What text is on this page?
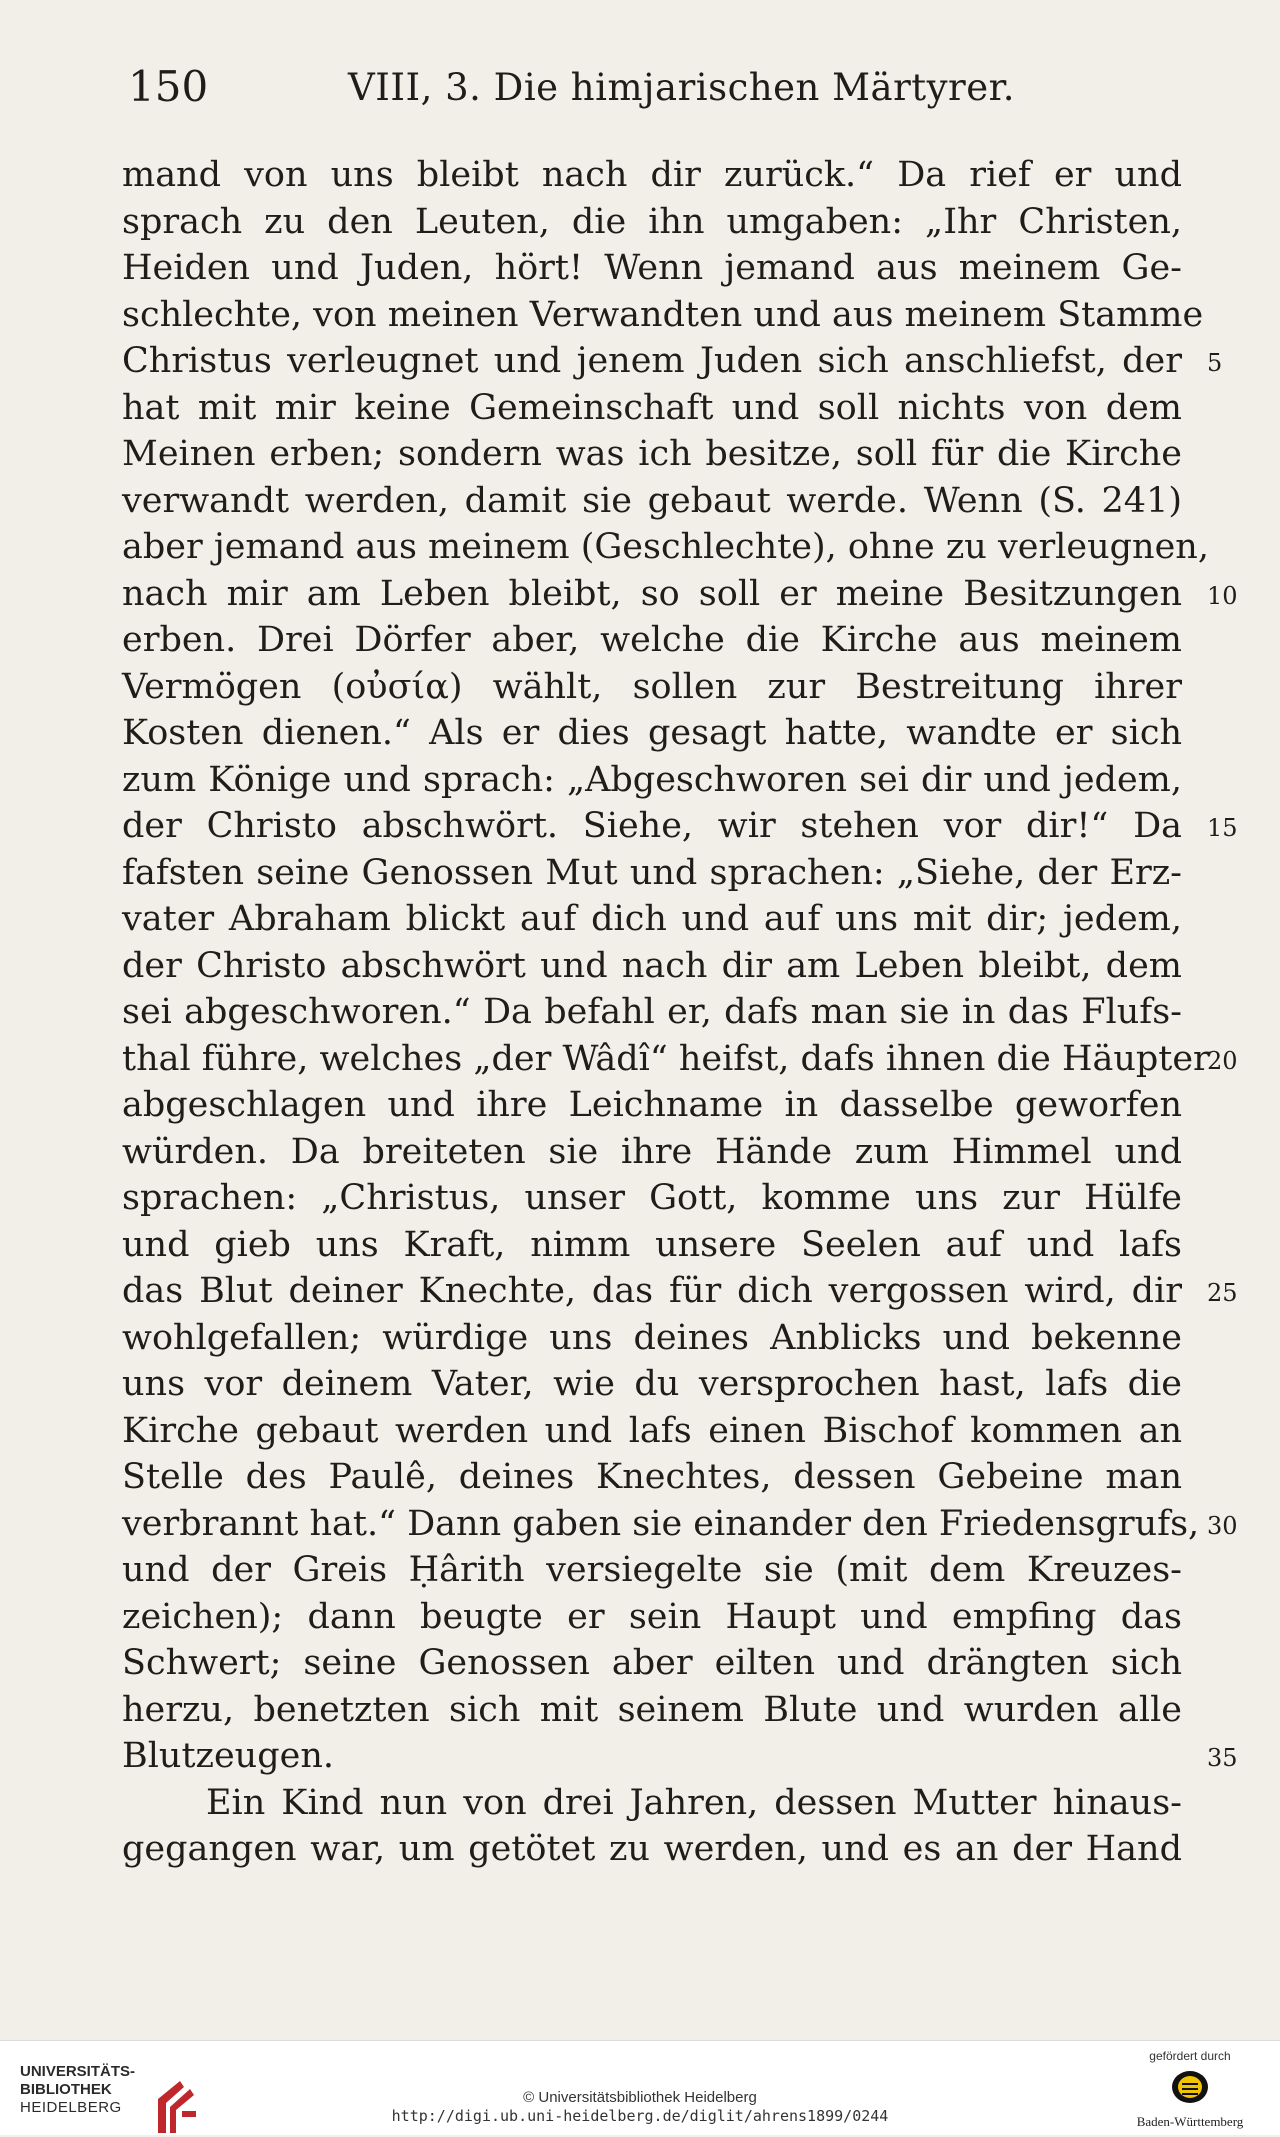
150	VIII, 3. Die himjarischen Märtyrer.
mand von uns bleibt nach dir zurück.“ Da rief er und
sprach zu den Leuten, die ihn umgaben: „Ihr Christen,
Heiden und Juden, hört! Wenn jemand aus meinem Ge-
schlechte, von meinen Verwandten und aus meinem Stamme
Christus verleugnet und jenem Juden sich anschliefst, der 5
hat mit mir keine Gemeinschaft und soll nichts von dem
Meinen erben; sondern was ich besitze, soll für die Kirche
verwandt werden, damit sie gebaut werde. Wenn (S. 241)
aber jemand aus meinem (Geschlechte), ohne zu verleugnen,
nach mir am Leben bleibt, so soll er meine Besitzungen 10
erben. Drei Dörfer aber, welche die Kirche aus meinem
Vermögen (οὐσία) wählt, sollen zur Bestreitung ihrer
Kosten dienen.“ Als er dies gesagt hatte, wandte er sich
zum Könige und sprach: „Abgeschworen sei dir und jedem,
der Christo abschwört. Siehe, wir stehen vor dir!“ Da 15
fafsten seine Genossen Mut und sprachen: „Siehe, der Erz-
vater Abraham blickt auf dich und auf uns mit dir; jedem,
der Christo abschwört und nach dir am Leben bleibt, dem
sei abgeschworen.“ Da befahl er, dafs man sie in das Flufs-
thal führe, welches „der Wâdî“ heifst, dafs ihnen die Häupter
20
abgeschlagen und ihre Leichname in dasselbe geworfen
würden. Da breiteten sie ihre Hände zum Himmel und
sprachen: „Christus, unser Gott, komme uns zur Hülfe
und gieb uns Kraft, nimm unsere Seelen auf und lafs
das Blut deiner Knechte, das für dich vergossen wird, dir 25
wohlgefallen; würdige uns deines Anblicks und bekenne
uns vor deinem Vater, wie du versprochen hast, lafs die
Kirche gebaut werden und lafs einen Bischof kommen an
Stelle des Paulê, deines Knechtes, dessen Gebeine man
verbrannt hat.“ Dann gaben sie einander den Friedensgrufs, 30
und der Greis Ḥârith versiegelte sie (mit dem Kreuzes-
zeichen); dann beugte er sein Haupt und empfing das
Schwert; seine Genossen aber eilten und drängten sich
herzu, benetzten sich mit seinem Blute und wurden alle
Blutzeugen.	35
Ein Kind nun von drei Jahren, dessen Mutter hinaus-
gegangen war, um getötet zu werden, und es an der Hand
UNIVERSITÄTS-
BIBLIOTHEK
HEIDELBERG
© Universitätsbibliothek Heidelberg
http://digi.ub.uni-heidelberg.de/diglit/ahrens1899/0244
gefördert durch
Baden-Württemberg
